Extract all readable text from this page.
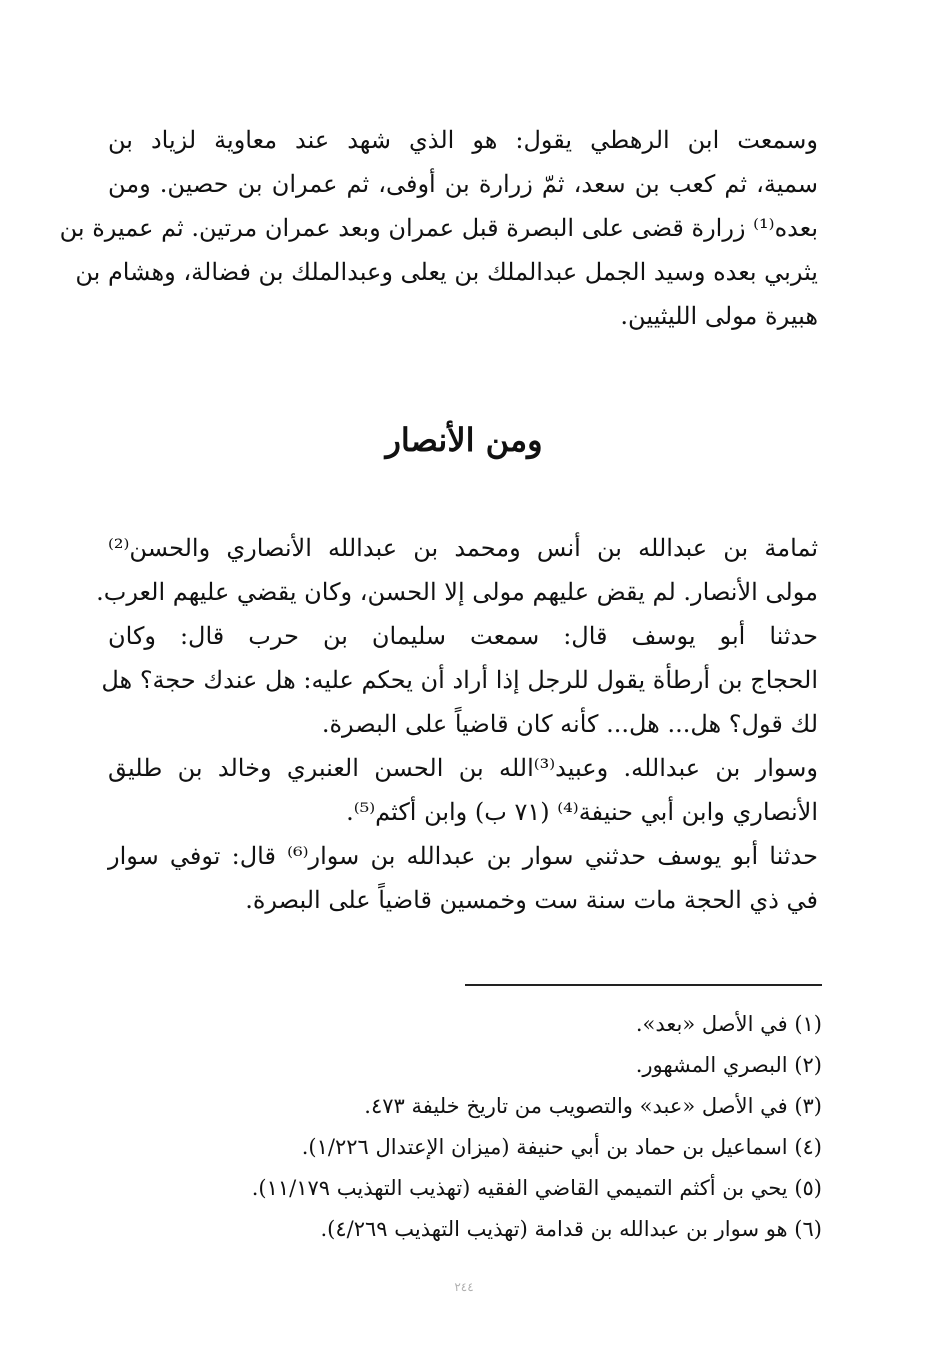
وسمعت ابن الرهطي يقول: هو الذي شهد عند معاوية لزياد بن
سمية، ثم كعب بن سعد، ثمّ زرارة بن أوفى، ثم عمران بن حصين. ومن
بعده⁽¹⁾ زرارة قضى على البصرة قبل عمران وبعد عمران مرتين. ثم عميرة بن
يثربي بعده وسيد الجمل عبدالملك بن يعلى وعبدالملك بن فضالة، وهشام بن
هبيرة مولى الليثيين.
ومن الأنصار
ثمامة بن عبدالله بن أنس ومحمد بن عبدالله الأنصاري والحسن⁽²⁾
مولى الأنصار. لم يقض عليهم مولى إلا الحسن، وكان يقضي عليهم العرب.
حدثنا أبو يوسف قال: سمعت سليمان بن حرب قال: وكان
الحجاج بن أرطأة يقول للرجل إذا أراد أن يحكم عليه: هل عندك حجة؟ هل
لك قول؟ هل... هل... كأنه كان قاضياً على البصرة.
وسوار بن عبدالله. وعبيد⁽³⁾الله بن الحسن العنبري وخالد بن طليق
الأنصاري وابن أبي حنيفة⁽⁴⁾ (٧١ ب) وابن أكثم⁽⁵⁾.
حدثنا أبو يوسف حدثني سوار بن عبدالله بن سوار⁽⁶⁾ قال: توفي سوار
في ذي الحجة مات سنة ست وخمسين قاضياً على البصرة.
(١) في الأصل «بعد».
(٢) البصري المشهور.
(٣) في الأصل «عبد» والتصويب من تاريخ خليفة ٤٧٣.
(٤) اسماعيل بن حماد بن أبي حنيفة (ميزان الإعتدال ١/٢٢٦).
(٥) يحي بن أكثم التميمي القاضي الفقيه (تهذيب التهذيب ١١/١٧٩).
(٦) هو سوار بن عبدالله بن قدامة (تهذيب التهذيب ٤/٢٦٩).
٢٤٤
